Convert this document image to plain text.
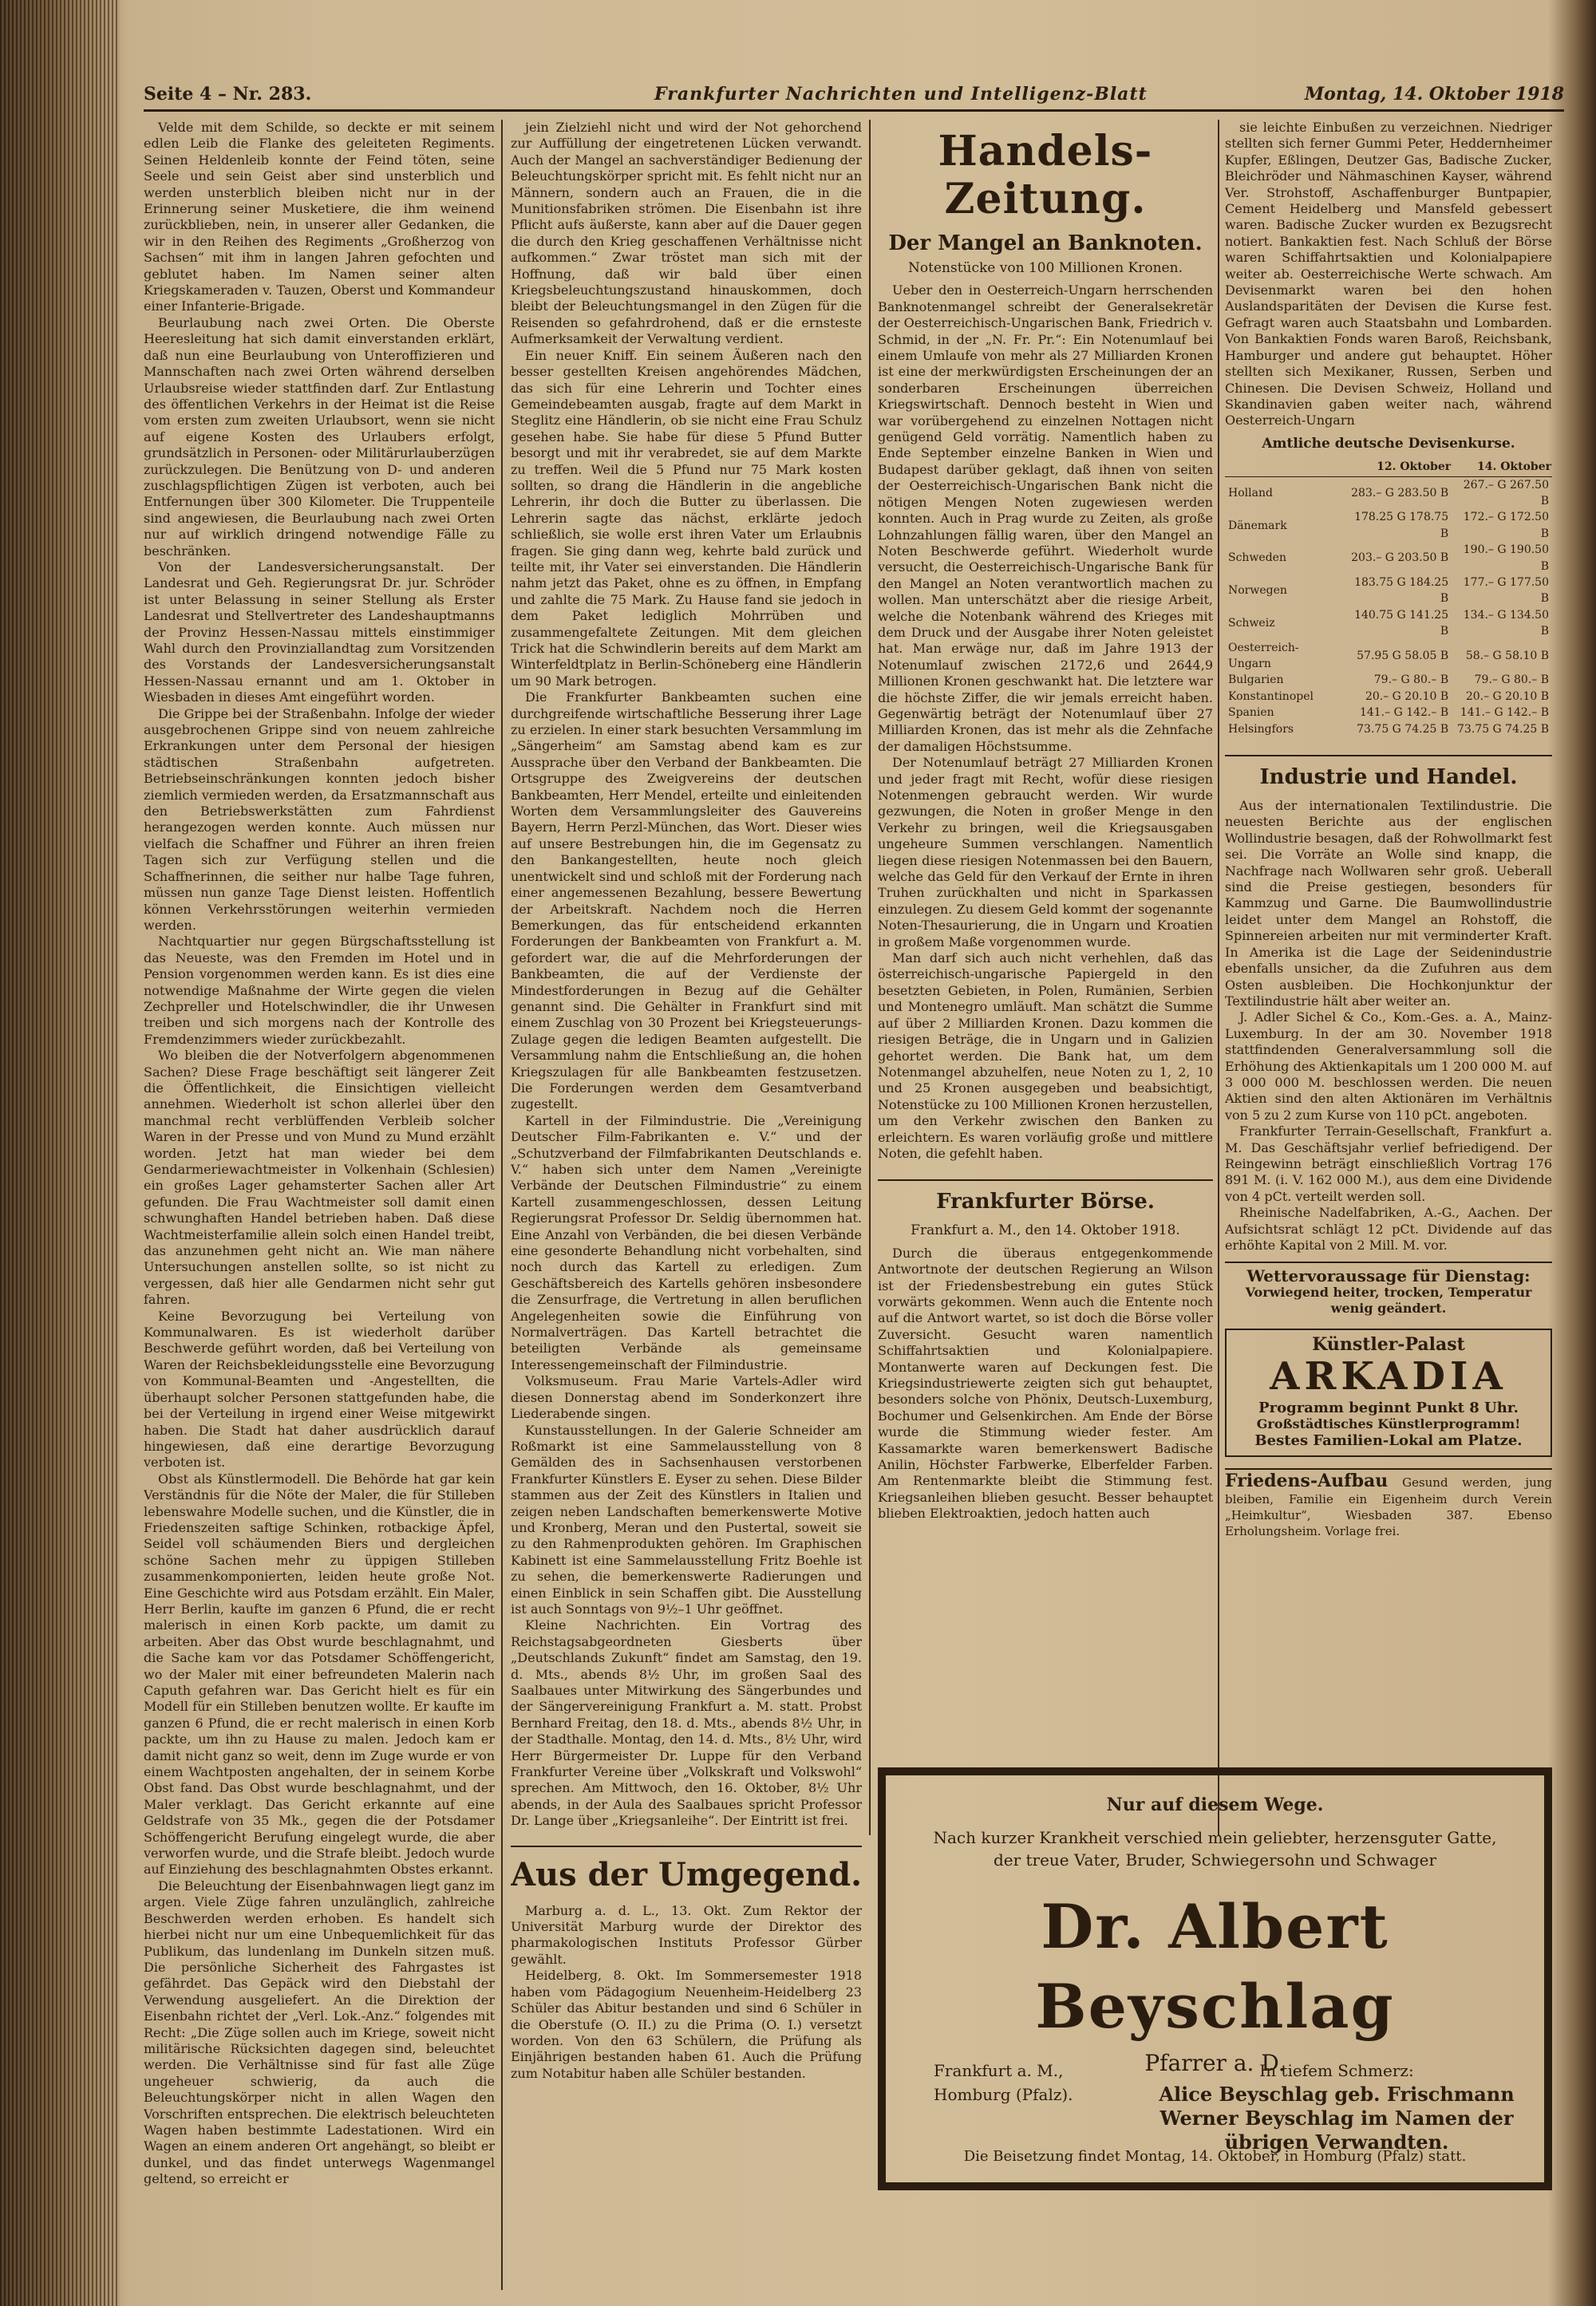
Seite 4 – Nr. 283.	Frankfurter Nachrichten und Intelligenz-Blatt	Montag, 14. Oktober 1918

Velde mit dem Schilde, so deckte er mit seinem edlen Leib die Flanke des geleiteten Regiments. Seinen Heldenleib konnte der Feind töten, seine Seele und sein Geist aber sind unsterblich und werden unsterblich bleiben nicht nur in der Erinnerung seiner Musketiere, die ihm weinend zurückblieben, nein, in unserer aller Gedanken, die wir in den Reihen des Regiments „Großherzog von Sachsen“ mit ihm in langen Jahren gefochten und geblutet haben. Im Namen seiner alten Kriegskameraden v. Tauzen, Oberst und Kommandeur einer Infanterie-Brigade.

Beurlaubung nach zwei Orten. Die Oberste Heeresleitung hat sich damit einverstanden erklärt, daß nun eine Beurlaubung von Unteroffizieren und Mannschaften nach zwei Orten während derselben Urlaubsreise wieder stattfinden darf. Zur Entlastung des öffentlichen Verkehrs in der Heimat ist die Reise vom ersten zum zweiten Urlaubsort, wenn sie nicht auf eigene Kosten des Urlaubers erfolgt, grundsätzlich in Personen- oder Militärurlauberzügen zurückzulegen. Die Benützung von D- und anderen zuschlagspflichtigen Zügen ist verboten, auch bei Entfernungen über 300 Kilometer. Die Truppenteile sind angewiesen, die Beurlaubung nach zwei Orten nur auf wirklich dringend notwendige Fälle zu beschränken.

Von der Landesversicherungsanstalt. Der Landesrat und Geh. Regierungsrat Dr. jur. Schröder ist unter Belassung in seiner Stellung als Erster Landesrat und Stellvertreter des Landeshauptmanns der Provinz Hessen-Nassau mittels einstimmiger Wahl durch den Provinziallandtag zum Vorsitzenden des Vorstands der Landesversicherungsanstalt Hessen-Nassau ernannt und am 1. Oktober in Wiesbaden in dieses Amt eingeführt worden.

Die Grippe bei der Straßenbahn. Infolge der wieder ausgebrochenen Grippe sind von neuem zahlreiche Erkrankungen unter dem Personal der hiesigen städtischen Straßenbahn aufgetreten. Betriebseinschränkungen konnten jedoch bisher ziemlich vermieden werden, da Ersatzmannschaft aus den Betriebswerkstätten zum Fahrdienst herangezogen werden konnte. Auch müssen nur vielfach die Schaffner und Führer an ihren freien Tagen sich zur Verfügung stellen und die Schaffnerinnen, die seither nur halbe Tage fuhren, müssen nun ganze Tage Dienst leisten. Hoffentlich können Verkehrsstörungen weiterhin vermieden werden.

Nachtquartier nur gegen Bürgschaftsstellung ist das Neueste, was den Fremden im Hotel und in Pension vorgenommen werden kann. Es ist dies eine notwendige Maßnahme der Wirte gegen die vielen Zechpreller und Hotelschwindler, die ihr Unwesen treiben und sich morgens nach der Kontrolle des Fremdenzimmers wieder zurückbezahlt.

Wo bleiben die der Notverfolgern abgenommenen Sachen? Diese Frage beschäftigt seit längerer Zeit die Öffentlichkeit, die Einsichtigen vielleicht annehmen. Wiederholt ist schon allerlei über den manchmal recht verblüffenden Verbleib solcher Waren in der Presse und von Mund zu Mund erzählt worden. Jetzt hat man wieder bei dem Gendarmeriewachtmeister in Volkenhain (Schlesien) ein großes Lager gehamsterter Sachen aller Art gefunden. Die Frau Wachtmeister soll damit einen schwunghaften Handel betrieben haben. Daß diese Wachtmeisterfamilie allein solch einen Handel treibt, das anzunehmen geht nicht an. Wie man nähere Untersuchungen anstellen sollte, so ist nicht zu vergessen, daß hier alle Gendarmen nicht sehr gut fahren.

Keine Bevorzugung bei Verteilung von Kommunalwaren. Es ist wiederholt darüber Beschwerde geführt worden, daß bei Verteilung von Waren der Reichsbekleidungsstelle eine Bevorzugung von Kommunal-Beamten und -Angestellten, die überhaupt solcher Personen stattgefunden habe, die bei der Verteilung in irgend einer Weise mitgewirkt haben. Die Stadt hat daher ausdrücklich darauf hingewiesen, daß eine derartige Bevorzugung verboten ist.

Obst als Künstlermodell. Die Behörde hat gar kein Verständnis für die Nöte der Maler, die für Stilleben lebenswahre Modelle suchen, und die Künstler, die in Friedenszeiten saftige Schinken, rotbackige Äpfel, Seidel voll schäumenden Biers und dergleichen schöne Sachen mehr zu üppigen Stilleben zusammenkomponierten, leiden heute große Not. Eine Geschichte wird aus Potsdam erzählt. Ein Maler, Herr Berlin, kaufte im ganzen 6 Pfund, die er recht malerisch in einen Korb packte, um damit zu arbeiten. Aber das Obst wurde beschlagnahmt, und die Sache kam vor das Potsdamer Schöffengericht, wo der Maler mit einer befreundeten Malerin nach Caputh gefahren war. Das Gericht hielt es für ein Modell für ein Stilleben benutzen wollte. Er kaufte im ganzen 6 Pfund, die er recht malerisch in einen Korb packte, um ihn zu Hause zu malen. Jedoch kam er damit nicht ganz so weit, denn im Zuge wurde er von einem Wachtposten angehalten, der in seinem Korbe Obst fand. Das Obst wurde beschlagnahmt, und der Maler verklagt. Das Gericht erkannte auf eine Geldstrafe von 35 Mk., gegen die der Potsdamer Schöffengericht Berufung eingelegt wurde, die aber verworfen wurde, und die Strafe bleibt. Jedoch wurde auf Einziehung des beschlagnahmten Obstes erkannt.

Die Beleuchtung der Eisenbahnwagen liegt ganz im argen. Viele Züge fahren unzulänglich, zahlreiche Beschwerden werden erhoben. Es handelt sich hierbei nicht nur um eine Unbequemlichkeit für das Publikum, das lundenlang im Dunkeln sitzen muß. Die persönliche Sicherheit des Fahrgastes ist gefährdet. Das Gepäck wird den Diebstahl der Verwendung ausgeliefert. An die Direktion der Eisenbahn richtet der „Verl. Lok.-Anz.“ folgendes mit Recht: „Die Züge sollen auch im Kriege, soweit nicht militärische Rücksichten dagegen sind, beleuchtet werden. Die Verhältnisse sind für fast alle Züge ungeheuer schwierig, da auch die Beleuchtungskörper nicht in allen Wagen den Vorschriften entsprechen. Die elektrisch beleuchteten Wagen haben bestimmte Ladestationen. Wird ein Wagen an einem anderen Ort angehängt, so bleibt er dunkel, und das findet unterwegs Wagenmangel geltend, so erreicht er

jein Zielziehl nicht und wird der Not gehorchend zur Auffüllung der eingetretenen Lücken verwandt. Auch der Mangel an sachverständiger Bedienung der Beleuchtungskörper spricht mit. Es fehlt nicht nur an Männern, sondern auch an Frauen, die in die Munitionsfabriken strömen. Die Eisenbahn ist ihre Pflicht aufs äußerste, kann aber auf die Dauer gegen die durch den Krieg geschaffenen Verhältnisse nicht aufkommen.“ Zwar tröstet man sich mit der Hoffnung, daß wir bald über einen Kriegsbeleuchtungszustand hinauskommen, doch bleibt der Beleuchtungsmangel in den Zügen für die Reisenden so gefahrdrohend, daß er die ernsteste Aufmerksamkeit der Verwaltung verdient.

Ein neuer Kniff. Ein seinem Äußeren nach den besser gestellten Kreisen angehörendes Mädchen, das sich für eine Lehrerin und Tochter eines Gemeindebeamten ausgab, fragte auf dem Markt in Steglitz eine Händlerin, ob sie nicht eine Frau Schulz gesehen habe. Sie habe für diese 5 Pfund Butter besorgt und mit ihr verabredet, sie auf dem Markte zu treffen. Weil die 5 Pfund nur 75 Mark kosten sollten, so drang die Händlerin in die angebliche Lehrerin, ihr doch die Butter zu überlassen. Die Lehrerin sagte das nächst, erklärte jedoch schließlich, sie wolle erst ihren Vater um Erlaubnis fragen. Sie ging dann weg, kehrte bald zurück und teilte mit, ihr Vater sei einverstanden. Die Händlerin nahm jetzt das Paket, ohne es zu öffnen, in Empfang und zahlte die 75 Mark. Zu Hause fand sie jedoch in dem Paket lediglich Mohrrüben und zusammengefaltete Zeitungen. Mit dem gleichen Trick hat die Schwindlerin bereits auf dem Markt am Winterfeldtplatz in Berlin-Schöneberg eine Händlerin um 90 Mark betrogen.

Die Frankfurter Bankbeamten suchen eine durchgreifende wirtschaftliche Besserung ihrer Lage zu erzielen. In einer stark besuchten Versammlung im „Sängerheim“ am Samstag abend kam es zur Aussprache über den Verband der Bankbeamten. Die Ortsgruppe des Zweigvereins der deutschen Bankbeamten, Herr Mendel, erteilte und einleitenden Worten dem Versammlungsleiter des Gauvereins Bayern, Herrn Perzl-München, das Wort. Dieser wies auf unsere Bestrebungen hin, die im Gegensatz zu den Bankangestellten, heute noch gleich unentwickelt sind und schloß mit der Forderung nach einer angemessenen Bezahlung, bessere Bewertung der Arbeitskraft. Nachdem noch die Herren Bemerkungen, das für entscheidend erkannten Forderungen der Bankbeamten von Frankfurt a. M. gefordert war, die auf die Mehrforderungen der Bankbeamten, die auf der Verdienste der Mindestforderungen in Bezug auf die Gehälter genannt sind. Die Gehälter in Frankfurt sind mit einem Zuschlag von 30 Prozent bei Kriegsteuerungs-Zulage gegen die ledigen Beamten aufgestellt. Die Versammlung nahm die Entschließung an, die hohen Kriegszulagen für alle Bankbeamten festzusetzen. Die Forderungen werden dem Gesamtverband zugestellt.

Kartell in der Filmindustrie. Die „Vereinigung Deutscher Film-Fabrikanten e. V.“ und der „Schutzverband der Filmfabrikanten Deutschlands e. V.“ haben sich unter dem Namen „Vereinigte Verbände der Deutschen Filmindustrie“ zu einem Kartell zusammengeschlossen, dessen Leitung Regierungsrat Professor Dr. Seldig übernommen hat. Eine Anzahl von Verbänden, die bei diesen Verbände eine gesonderte Behandlung nicht vorbehalten, sind noch durch das Kartell zu erledigen. Zum Geschäftsbereich des Kartells gehören insbesondere die Zensurfrage, die Vertretung in allen beruflichen Angelegenheiten sowie die Einführung von Normalverträgen. Das Kartell betrachtet die beteiligten Verbände als gemeinsame Interessengemeinschaft der Filmindustrie.

Volksmuseum. Frau Marie Vartels-Adler wird diesen Donnerstag abend im Sonderkonzert ihre Liederabende singen.

Kunstausstellungen. In der Galerie Schneider am Roßmarkt ist eine Sammelausstellung von 8 Gemälden des in Sachsenhausen verstorbenen Frankfurter Künstlers E. Eyser zu sehen. Diese Bilder stammen aus der Zeit des Künstlers in Italien und zeigen neben Landschaften bemerkenswerte Motive und Kronberg, Meran und den Pustertal, soweit sie zu den Rahmenprodukten gehören. Im Graphischen Kabinett ist eine Sammelausstellung Fritz Boehle ist zu sehen, die bemerkenswerte Radierungen und einen Einblick in sein Schaffen gibt. Die Ausstellung ist auch Sonntags von 9½–1 Uhr geöffnet.

Kleine Nachrichten. Ein Vortrag des Reichstagsabgeordneten Giesberts über „Deutschlands Zukunft“ findet am Samstag, den 19. d. Mts., abends 8½ Uhr, im großen Saal des Saalbaues unter Mitwirkung des Sängerbundes und der Sängervereinigung Frankfurt a. M. statt. Probst Bernhard Freitag, den 18. d. Mts., abends 8½ Uhr, in der Stadthalle. Montag, den 14. d. Mts., 8½ Uhr, wird Herr Bürgermeister Dr. Luppe für den Verband Frankfurter Vereine über „Volkskraft und Volkswohl“ sprechen. Am Mittwoch, den 16. Oktober, 8½ Uhr abends, in der Aula des Saalbaues spricht Professor Dr. Lange über „Kriegsanleihe“. Der Eintritt ist frei.

Aus der Umgegend.

Marburg a. d. L., 13. Okt. Zum Rektor der Universität Marburg wurde der Direktor des pharmakologischen Instituts Professor Gürber gewählt.

Heidelberg, 8. Okt. Im Sommersemester 1918 haben vom Pädagogium Neuenheim-Heidelberg 23 Schüler das Abitur bestanden und sind 6 Schüler in die Oberstufe (O. II.) zu die Prima (O. I.) versetzt worden. Von den 63 Schülern, die Prüfung als Einjährigen bestanden haben 61. Auch die Prüfung zum Notabitur haben alle Schüler bestanden.

Handels-Zeitung.
Der Mangel an Banknoten.
Notenstücke von 100 Millionen Kronen.

Ueber den in Oesterreich-Ungarn herrschenden Banknotenmangel schreibt der Generalsekretär der Oesterreichisch-Ungarischen Bank, Friedrich v. Schmid, in der „N. Fr. Pr.“: Ein Notenumlauf bei einem Umlaufe von mehr als 27 Milliarden Kronen ist eine der merkwürdigsten Erscheinungen der an sonderbaren Erscheinungen überreichen Kriegswirtschaft. Dennoch besteht in Wien und war vorübergehend zu einzelnen Nottagen nicht genügend Geld vorrätig. Namentlich haben zu Ende September einzelne Banken in Wien und Budapest darüber geklagt, daß ihnen von seiten der Oesterreichisch-Ungarischen Bank nicht die nötigen Mengen Noten zugewiesen werden konnten. Auch in Prag wurde zu Zeiten, als große Lohnzahlungen fällig waren, über den Mangel an Noten Beschwerde geführt. Wiederholt wurde versucht, die Oesterreichisch-Ungarische Bank für den Mangel an Noten verantwortlich machen zu wollen. Man unterschätzt aber die riesige Arbeit, welche die Notenbank während des Krieges mit dem Druck und der Ausgabe ihrer Noten geleistet hat. Man erwäge nur, daß im Jahre 1913 der Notenumlauf zwischen 2172,6 und 2644,9 Millionen Kronen geschwankt hat. Die letztere war die höchste Ziffer, die wir jemals erreicht haben. Gegenwärtig beträgt der Notenumlauf über 27 Milliarden Kronen, das ist mehr als die Zehnfache der damaligen Höchstsumme.

Der Notenumlauf beträgt 27 Milliarden Kronen und jeder fragt mit Recht, wofür diese riesigen Notenmengen gebraucht werden. Wir wurde gezwungen, die Noten in großer Menge in den Verkehr zu bringen, weil die Kriegsausgaben ungeheure Summen verschlangen. Namentlich liegen diese riesigen Notenmassen bei den Bauern, welche das Geld für den Verkauf der Ernte in ihren Truhen zurückhalten und nicht in Sparkassen einzulegen. Zu diesem Geld kommt der sogenannte Noten-Thesaurierung, die in Ungarn und Kroatien in großem Maße vorgenommen wurde.

Man darf sich auch nicht verhehlen, daß das österreichisch-ungarische Papiergeld in den besetzten Gebieten, in Polen, Rumänien, Serbien und Montenegro umläuft. Man schätzt die Summe auf über 2 Milliarden Kronen. Dazu kommen die riesigen Beträge, die in Ungarn und in Galizien gehortet werden. Die Bank hat, um dem Notenmangel abzuhelfen, neue Noten zu 1, 2, 10 und 25 Kronen ausgegeben und beabsichtigt, Notenstücke zu 100 Millionen Kronen herzustellen, um den Verkehr zwischen den Banken zu erleichtern. Es waren vorläufig große und mittlere Noten, die gefehlt haben.

Frankfurter Börse.
Frankfurt a. M., den 14. Oktober 1918.

Durch die überaus entgegenkommende Antwortnote der deutschen Regierung an Wilson ist der Friedensbestrebung ein gutes Stück vorwärts gekommen. Wenn auch die Entente noch auf die Antwort wartet, so ist doch die Börse voller Zuversicht. Gesucht waren namentlich Schiffahrtsaktien und Kolonialpapiere. Montanwerte waren auf Deckungen fest. Die Kriegsindustriewerte zeigten sich gut behauptet, besonders solche von Phönix, Deutsch-Luxemburg, Bochumer und Gelsenkirchen. Am Ende der Börse wurde die Stimmung wieder fester. Am Kassamarkte waren bemerkenswert Badische Anilin, Höchster Farbwerke, Elberfelder Farben. Am Rentenmarkte bleibt die Stimmung fest. Kriegsanleihen blieben gesucht. Besser behauptet blieben Elektroaktien, jedoch hatten auch

sie leichte Einbußen zu verzeichnen. Niedriger stellten sich ferner Gummi Peter, Heddernheimer Kupfer, Eßlingen, Deutzer Gas, Badische Zucker, Bleichröder und Nähmaschinen Kayser, während Ver. Strohstoff, Aschaffenburger Buntpapier, Cement Heidelberg und Mansfeld gebessert waren. Badische Zucker wurden ex Bezugsrecht notiert. Bankaktien fest. Nach Schluß der Börse waren Schiffahrtsaktien und Kolonialpapiere weiter ab. Oesterreichische Werte schwach. Am Devisenmarkt waren bei den hohen Auslandsparitäten der Devisen die Kurse fest. Gefragt waren auch Staatsbahn und Lombarden. Von Bankaktien Fonds waren Baroß, Reichsbank, Hamburger und andere gut behauptet. Höher stellten sich Mexikaner, Russen, Serben und Chinesen. Die Devisen Schweiz, Holland und Skandinavien gaben weiter nach, während Oesterreich-Ungarn

Amtliche deutsche Devisenkurse.
	12. Oktober	14. Oktober
Holland	283.– G 283.50 B	267.– G 267.50 B
Dänemark	178.25 G 178.75 B	172.– G 172.50 B
Schweden	203.– G 203.50 B	190.– G 190.50 B
Norwegen	183.75 G 184.25 B	177.– G 177.50 B
Schweiz	140.75 G 141.25 B	134.– G 134.50 B
Oesterreich-Ungarn	57.95 G 58.05 B	58.– G 58.10 B
Bulgarien	79.– G 80.– B	79.– G 80.– B
Konstantinopel	20.– G 20.10 B	20.– G 20.10 B
Spanien	141.– G 142.– B	141.– G 142.– B
Helsingfors	73.75 G 74.25 B	73.75 G 74.25 B
Industrie und Handel.

Aus der internationalen Textilindustrie. Die neuesten Berichte aus der englischen Wollindustrie besagen, daß der Rohwollmarkt fest sei. Die Vorräte an Wolle sind knapp, die Nachfrage nach Wollwaren sehr groß. Ueberall sind die Preise gestiegen, besonders für Kammzug und Garne. Die Baumwollindustrie leidet unter dem Mangel an Rohstoff, die Spinnereien arbeiten nur mit verminderter Kraft. In Amerika ist die Lage der Seidenindustrie ebenfalls unsicher, da die Zufuhren aus dem Osten ausbleiben. Die Hochkonjunktur der Textilindustrie hält aber weiter an.

J. Adler Sichel & Co., Kom.-Ges. a. A., Mainz-Luxemburg. In der am 30. November 1918 stattfindenden Generalversammlung soll die Erhöhung des Aktienkapitals um 1 200 000 M. auf 3 000 000 M. beschlossen werden. Die neuen Aktien sind den alten Aktionären im Verhältnis von 5 zu 2 zum Kurse von 110 pCt. angeboten.

Frankfurter Terrain-Gesellschaft, Frankfurt a. M. Das Geschäftsjahr verlief befriedigend. Der Reingewinn beträgt einschließlich Vortrag 176 891 M. (i. V. 162 000 M.), aus dem eine Dividende von 4 pCt. verteilt werden soll.

Rheinische Nadelfabriken, A.-G., Aachen. Der Aufsichtsrat schlägt 12 pCt. Dividende auf das erhöhte Kapital von 2 Mill. M. vor.

Wettervoraussage für Dienstag:
Vorwiegend heiter, trocken, Temperatur wenig geändert.
Künstler-Palast
ARKADIA
Programm beginnt Punkt 8 Uhr.
Großstädtisches Künstlerprogramm!
Bestes Familien-Lokal am Platze.
Friedens-Aufbau Gesund werden, jung bleiben, Familie ein Eigenheim durch Verein „Heimkultur“, Wiesbaden 387. Ebenso Erholungsheim. Vorlage frei.
Nur auf diesem Wege.
Nach kurzer Krankheit verschied mein geliebter, herzensguter Gatte, der treue Vater, Bruder, Schwiegersohn und Schwager
Dr. Albert Beyschlag
Pfarrer a. D.
Frankfurt a. M.,
Homburg (Pfalz).
In tiefem Schmerz:
Alice Beyschlag geb. Frischmann
Werner Beyschlag im Namen der übrigen Verwandten.
Die Beisetzung findet Montag, 14. Oktober, in Homburg (Pfalz) statt.
